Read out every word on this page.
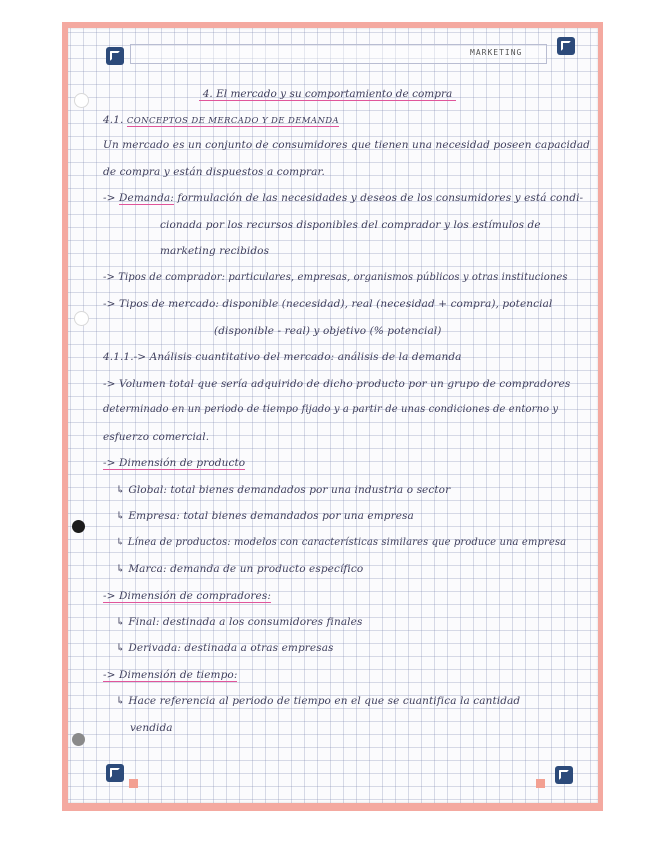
MARKETING
4. El mercado y su comportamiento de compra
4.1. CONCEPTOS DE MERCADO Y DE DEMANDA
Un mercado es un conjunto de consumidores que tienen una necesidad poseen capacidad
de compra y están dispuestos a comprar.
-> Demanda: formulación de las necesidades y deseos de los consumidores y está condi-
cionada por los recursos disponibles del comprador y los estímulos de
marketing recibidos
-> Tipos de comprador: particulares, empresas, organismos públicos y otras instituciones
-> Tipos de mercado: disponible (necesidad), real (necesidad + compra), potencial
(disponible - real) y objetivo (% potencial)
4.1.1.-> Análisis cuantitativo del mercado: análisis de la demanda
-> Volumen total que sería adquirido de dicho producto por un grupo de compradores
determinado en un periodo de tiempo fijado y a partir de unas condiciones de entorno y
esfuerzo comercial.
-> Dimensión de producto
↳ Global: total bienes demandados por una industria o sector
↳ Empresa: total bienes demandados por una empresa
↳ Línea de productos: modelos con características similares que produce una empresa
↳ Marca: demanda de un producto específico
-> Dimensión de compradores:
↳ Final: destinada a los consumidores finales
↳ Derivada: destinada a otras empresas
-> Dimensión de tiempo:
↳ Hace referencia al periodo de tiempo en el que se cuantifica la cantidad
vendida
